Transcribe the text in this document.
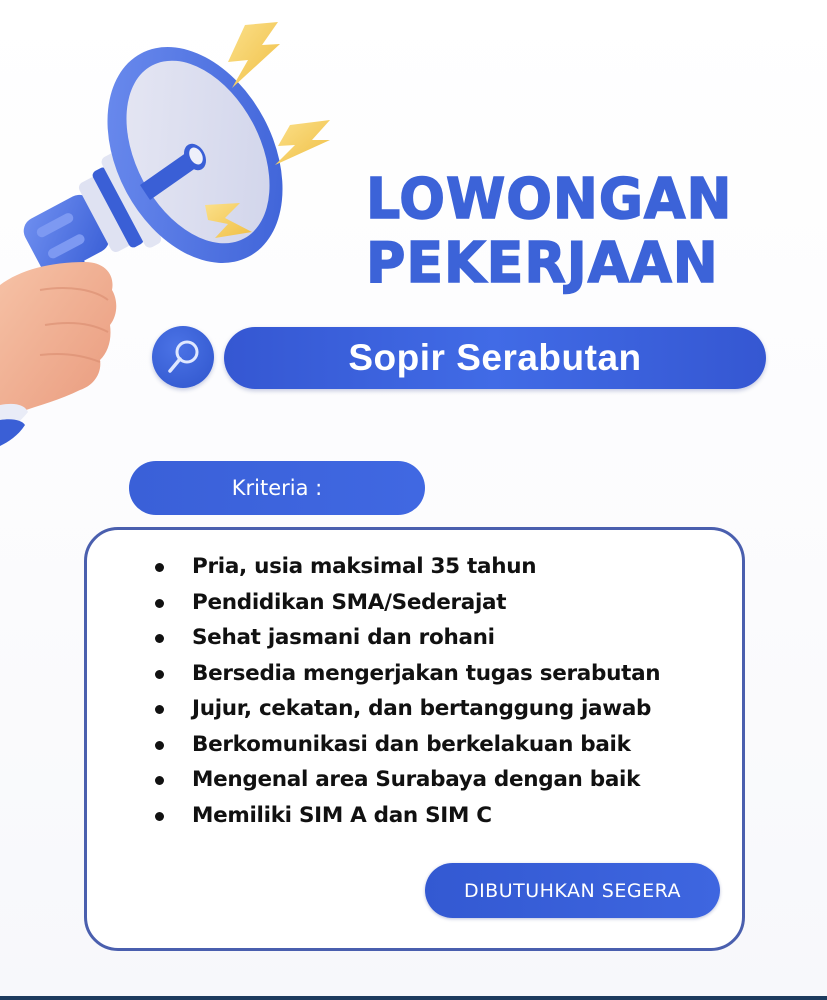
LOWONGAN
PEKERJAAN
Sopir Serabutan
Kriteria :
Pria, usia maksimal 35 tahun
Pendidikan SMA/Sederajat
Sehat jasmani dan rohani
Bersedia mengerjakan tugas serabutan
Jujur, cekatan, dan bertanggung jawab
Berkomunikasi dan berkelakuan baik
Mengenal area Surabaya dengan baik
Memiliki SIM A dan SIM C
DIBUTUHKAN SEGERA
